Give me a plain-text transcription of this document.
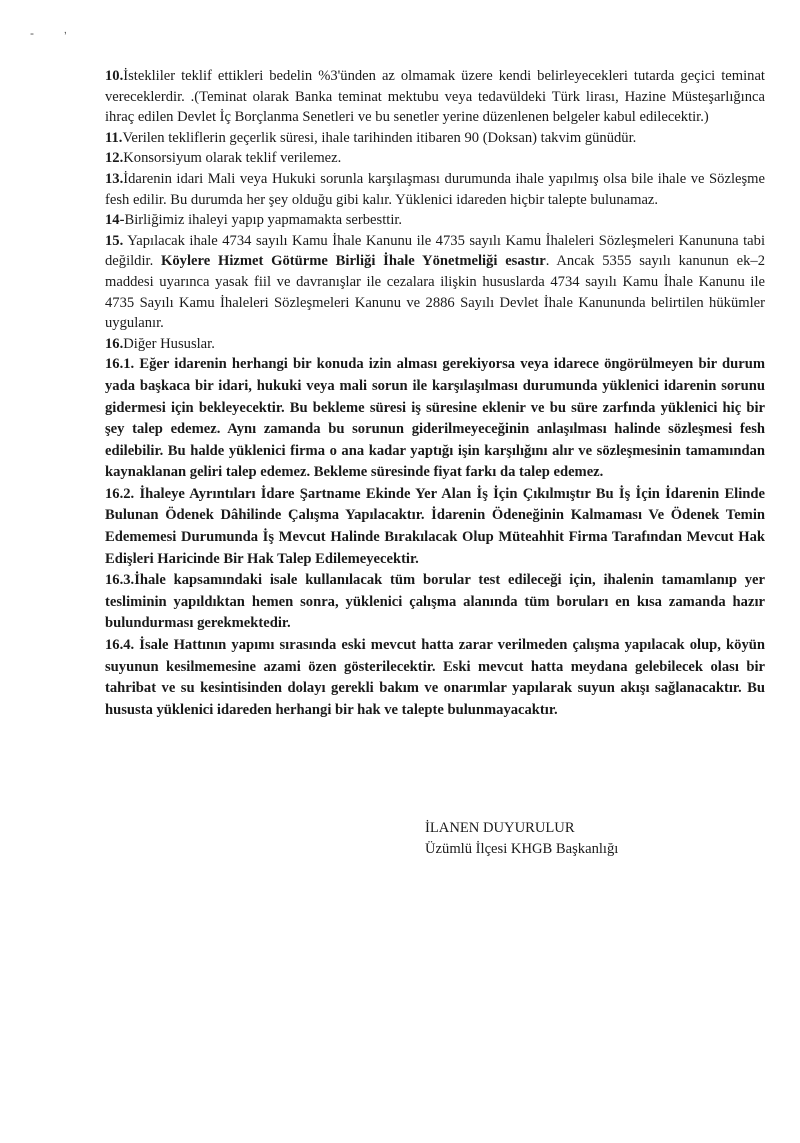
-	‚

10.İstekliler teklif ettikleri bedelin %3'ünden az olmamak üzere kendi belirleyecekleri tutarda geçici teminat vereceklerdir. .(Teminat olarak Banka teminat mektubu veya tedavüldeki Türk lirası, Hazine Müsteşarlığınca ihraç edilen Devlet İç Borçlanma Senetleri ve bu senetler yerine düzenlenen belgeler kabul edilecektir.)

11.Verilen tekliflerin geçerlik süresi, ihale tarihinden itibaren 90 (Doksan) takvim günüdür.

12.Konsorsiyum olarak teklif verilemez.

13.İdarenin idari Mali veya Hukuki sorunla karşılaşması durumunda ihale yapılmış olsa bile ihale ve Sözleşme fesh edilir. Bu durumda her şey olduğu gibi kalır. Yüklenici idareden hiçbir talepte bulunamaz.

14-Birliğimiz ihaleyi yapıp yapmamakta serbesttir.

15. Yapılacak ihale 4734 sayılı Kamu İhale Kanunu ile 4735 sayılı Kamu İhaleleri Sözleşmeleri Kanununa tabi değildir. Köylere Hizmet Götürme Birliği İhale Yönetmeliği esastır. Ancak 5355 sayılı kanunun ek–2 maddesi uyarınca yasak fiil ve davranışlar ile cezalara ilişkin hususlarda 4734 sayılı Kamu İhale Kanunu ile 4735 Sayılı Kamu İhaleleri Sözleşmeleri Kanunu ve 2886 Sayılı Devlet İhale Kanununda belirtilen hükümler uygulanır.

16.Diğer Hususlar.

16.1. Eğer idarenin herhangi bir konuda izin alması gerekiyorsa veya idarece öngörülmeyen bir durum yada başkaca bir idari, hukuki veya mali sorun ile karşılaşılması durumunda yüklenici idarenin sorunu gidermesi için bekleyecektir. Bu bekleme süresi iş süresine eklenir ve bu süre zarfında yüklenici hiç bir şey talep edemez. Aynı zamanda bu sorunun giderilmeyeceğinin anlaşılması halinde sözleşmesi fesh edilebilir. Bu halde yüklenici firma o ana kadar yaptığı işin karşılığını alır ve sözleşmesinin tamamından kaynaklanan geliri talep edemez. Bekleme süresinde fiyat farkı da talep edemez.

16.2. İhaleye Ayrıntıları İdare Şartname Ekinde Yer Alan İş İçin Çıkılmıştır Bu İş İçin İdarenin Elinde Bulunan Ödenek Dâhilinde Çalışma Yapılacaktır. İdarenin Ödeneğinin Kalmaması Ve Ödenek Temin Edememesi Durumunda İş Mevcut Halinde Bırakılacak Olup Müteahhit Firma Tarafından Mevcut Hak Edişleri Haricinde Bir Hak Talep Edilemeyecektir.

16.3.İhale kapsamındaki isale kullanılacak tüm borular test edileceği için, ihalenin tamamlanıp yer tesliminin yapıldıktan hemen sonra, yüklenici çalışma alanında tüm boruları en kısa zamanda hazır bulundurması gerekmektedir.

16.4. İsale Hattının yapımı sırasında eski mevcut hatta zarar verilmeden çalışma yapılacak olup, köyün suyunun kesilmemesine azami özen gösterilecektir. Eski mevcut hatta meydana gelebilecek olası bir tahribat ve su kesintisinden dolayı gerekli bakım ve onarımlar yapılarak suyun akışı sağlanacaktır. Bu hususta yüklenici idareden herhangi bir hak ve talepte bulunmayacaktır.

İLANEN DUYURULUR
Üzümlü İlçesi KHGB Başkanlığı
